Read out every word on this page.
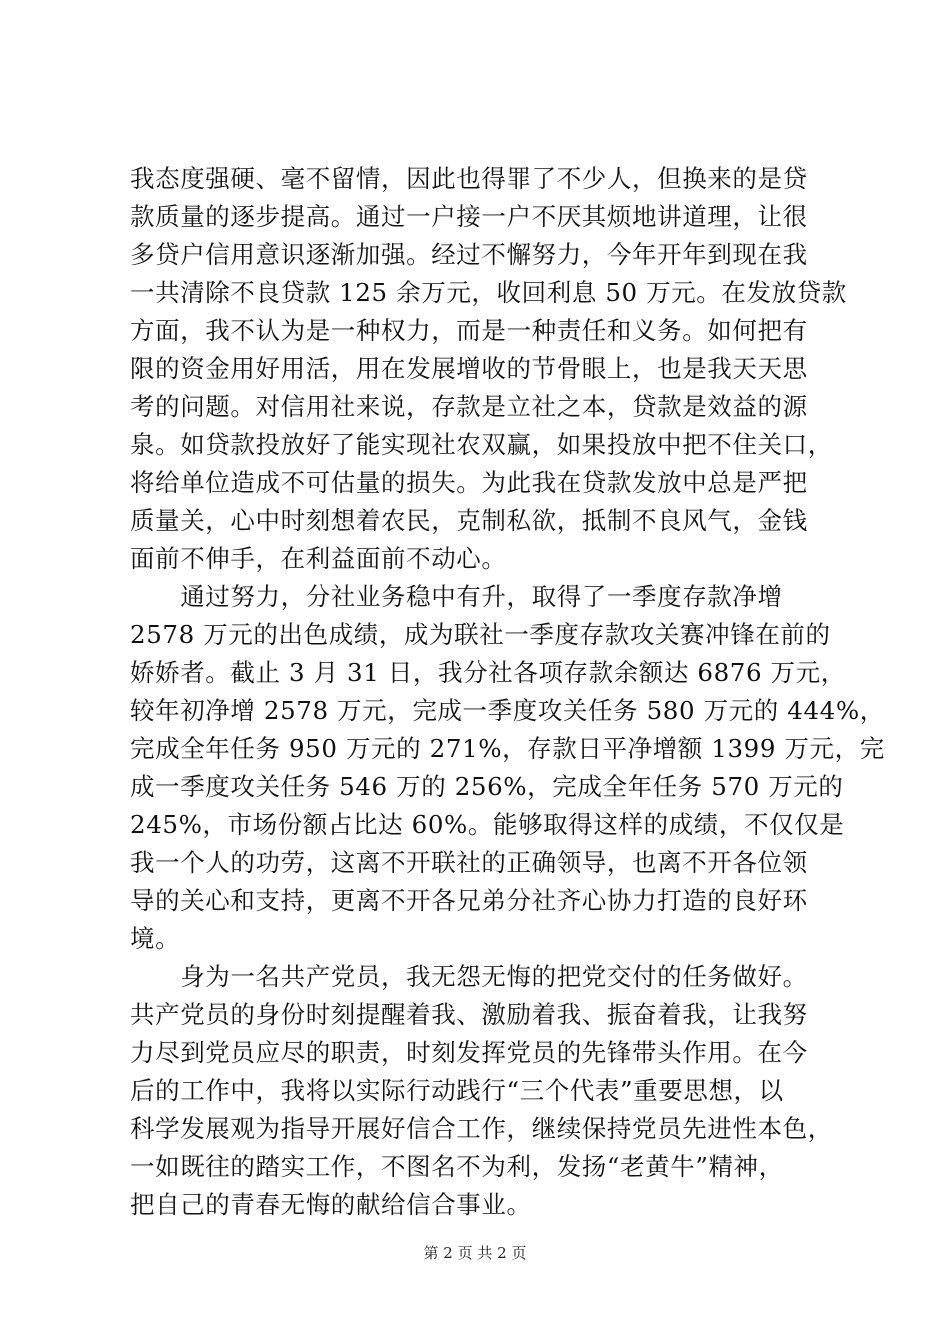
我态度强硬、毫不留情，因此也得罪了不少人，但换来的是贷
款质量的逐步提高。通过一户接一户不厌其烦地讲道理，让很
多贷户信用意识逐渐加强。经过不懈努力，今年开年到现在我
一共清除不良贷款 125 余万元，收回利息 50 万元。在发放贷款
方面，我不认为是一种权力，而是一种责任和义务。如何把有
限的资金用好用活，用在发展增收的节骨眼上，也是我天天思
考的问题。对信用社来说，存款是立社之本，贷款是效益的源
泉。如贷款投放好了能实现社农双赢，如果投放中把不住关口，
将给单位造成不可估量的损失。为此我在贷款发放中总是严把
质量关，心中时刻想着农民，克制私欲，抵制不良风气，金钱
面前不伸手，在利益面前不动心。
　　通过努力，分社业务稳中有升，取得了一季度存款净增
2578 万元的出色成绩，成为联社一季度存款攻关赛冲锋在前的
娇娇者。截止 3 月 31 日，我分社各项存款余额达 6876 万元，
较年初净增 2578 万元，完成一季度攻关任务 580 万元的 444%，
完成全年任务 950 万元的 271%，存款日平净增额 1399 万元，完
成一季度攻关任务 546 万的 256%，完成全年任务 570 万元的
245%，市场份额占比达 60%。能够取得这样的成绩，不仅仅是
我一个人的功劳，这离不开联社的正确领导，也离不开各位领
导的关心和支持，更离不开各兄弟分社齐心协力打造的良好环
境。
　　身为一名共产党员，我无怨无悔的把党交付的任务做好。
共产党员的身份时刻提醒着我、激励着我、振奋着我，让我努
力尽到党员应尽的职责，时刻发挥党员的先锋带头作用。在今
后的工作中，我将以实际行动践行“三个代表”重要思想，以
科学发展观为指导开展好信合工作，继续保持党员先进性本色，
一如既往的踏实工作，不图名不为利，发扬“老黄牛”精神，
把自己的青春无悔的献给信合事业。
第 2 页 共 2 页
